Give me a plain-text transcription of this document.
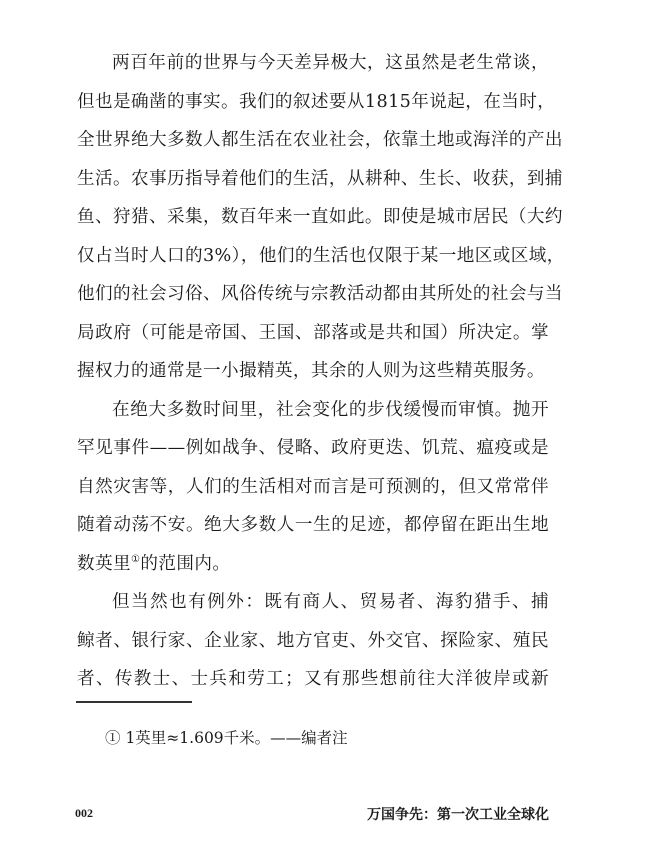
两百年前的世界与今天差异极大，这虽然是老生常谈，
但也是确凿的事实。我们的叙述要从1815年说起，在当时，
全世界绝大多数人都生活在农业社会，依靠土地或海洋的产出
生活。农事历指导着他们的生活，从耕种、生长、收获，到捕
鱼、狩猎、采集，数百年来一直如此。即使是城市居民（大约
仅占当时人口的3%），他们的生活也仅限于某一地区或区域，
他们的社会习俗、风俗传统与宗教活动都由其所处的社会与当
局政府（可能是帝国、王国、部落或是共和国）所决定。掌
握权力的通常是一小撮精英，其余的人则为这些精英服务。
在绝大多数时间里，社会变化的步伐缓慢而审慎。抛开
罕见事件——例如战争、侵略、政府更迭、饥荒、瘟疫或是
自然灾害等，人们的生活相对而言是可预测的，但又常常伴
随着动荡不安。绝大多数人一生的足迹，都停留在距出生地
数英里①的范围内。
但当然也有例外：既有商人、贸易者、海豹猎手、捕
鲸者、银行家、企业家、地方官吏、外交官、探险家、殖民
者、传教士、士兵和劳工；又有那些想前往大洋彼岸或新
① 1英里≈1.609千米。——编者注
002	万国争先：第一次工业全球化
